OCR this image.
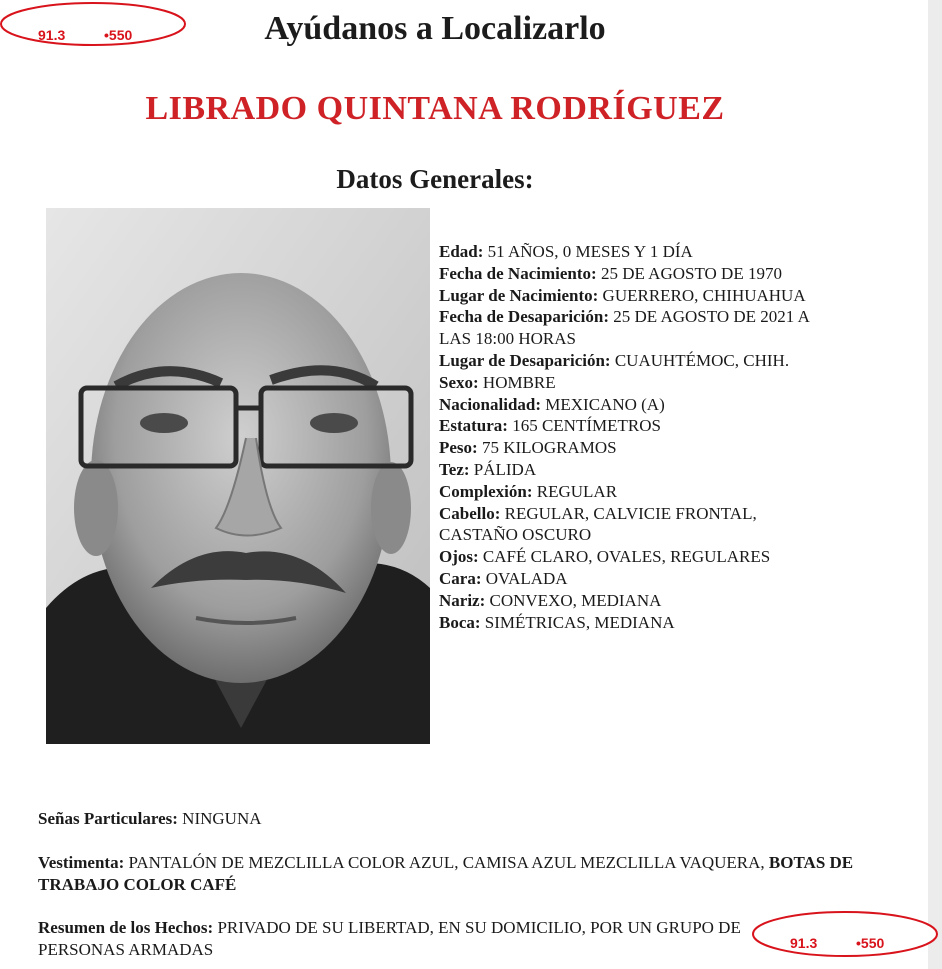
91.3	•550	Ayúdanos a Localizarlo
LIBRADO QUINTANA RODRÍGUEZ
Datos Generales:

Edad: 51 AÑOS, 0 MESES Y 1 DÍA

Fecha de Nacimiento: 25 DE AGOSTO DE 1970

Lugar de Nacimiento: GUERRERO, CHIHUAHUA

Fecha de Desaparición: 25 DE AGOSTO DE 2021 A LAS 18:00 HORAS

Lugar de Desaparición: CUAUHTÉMOC, CHIH.

Sexo: HOMBRE

Nacionalidad: MEXICANO (A)

Estatura: 165 CENTÍMETROS

Peso: 75 KILOGRAMOS

Tez: PÁLIDA

Complexión: REGULAR

Cabello: REGULAR, CALVICIE FRONTAL, CASTAÑO OSCURO

Ojos: CAFÉ CLARO, OVALES, REGULARES

Cara: OVALADA

Nariz: CONVEXO, MEDIANA

Boca: SIMÉTRICAS, MEDIANA

Señas Particulares: NINGUNA
Vestimenta: PANTALÓN DE MEZCLILLA COLOR AZUL, CAMISA AZUL MEZCLILLA VAQUERA, BOTAS DE TRABAJO COLOR CAFÉ
Resumen de los Hechos: PRIVADO DE SU LIBERTAD, EN SU DOMICILIO, POR UN GRUPO DE PERSONAS ARMADAS	91.3	•550
